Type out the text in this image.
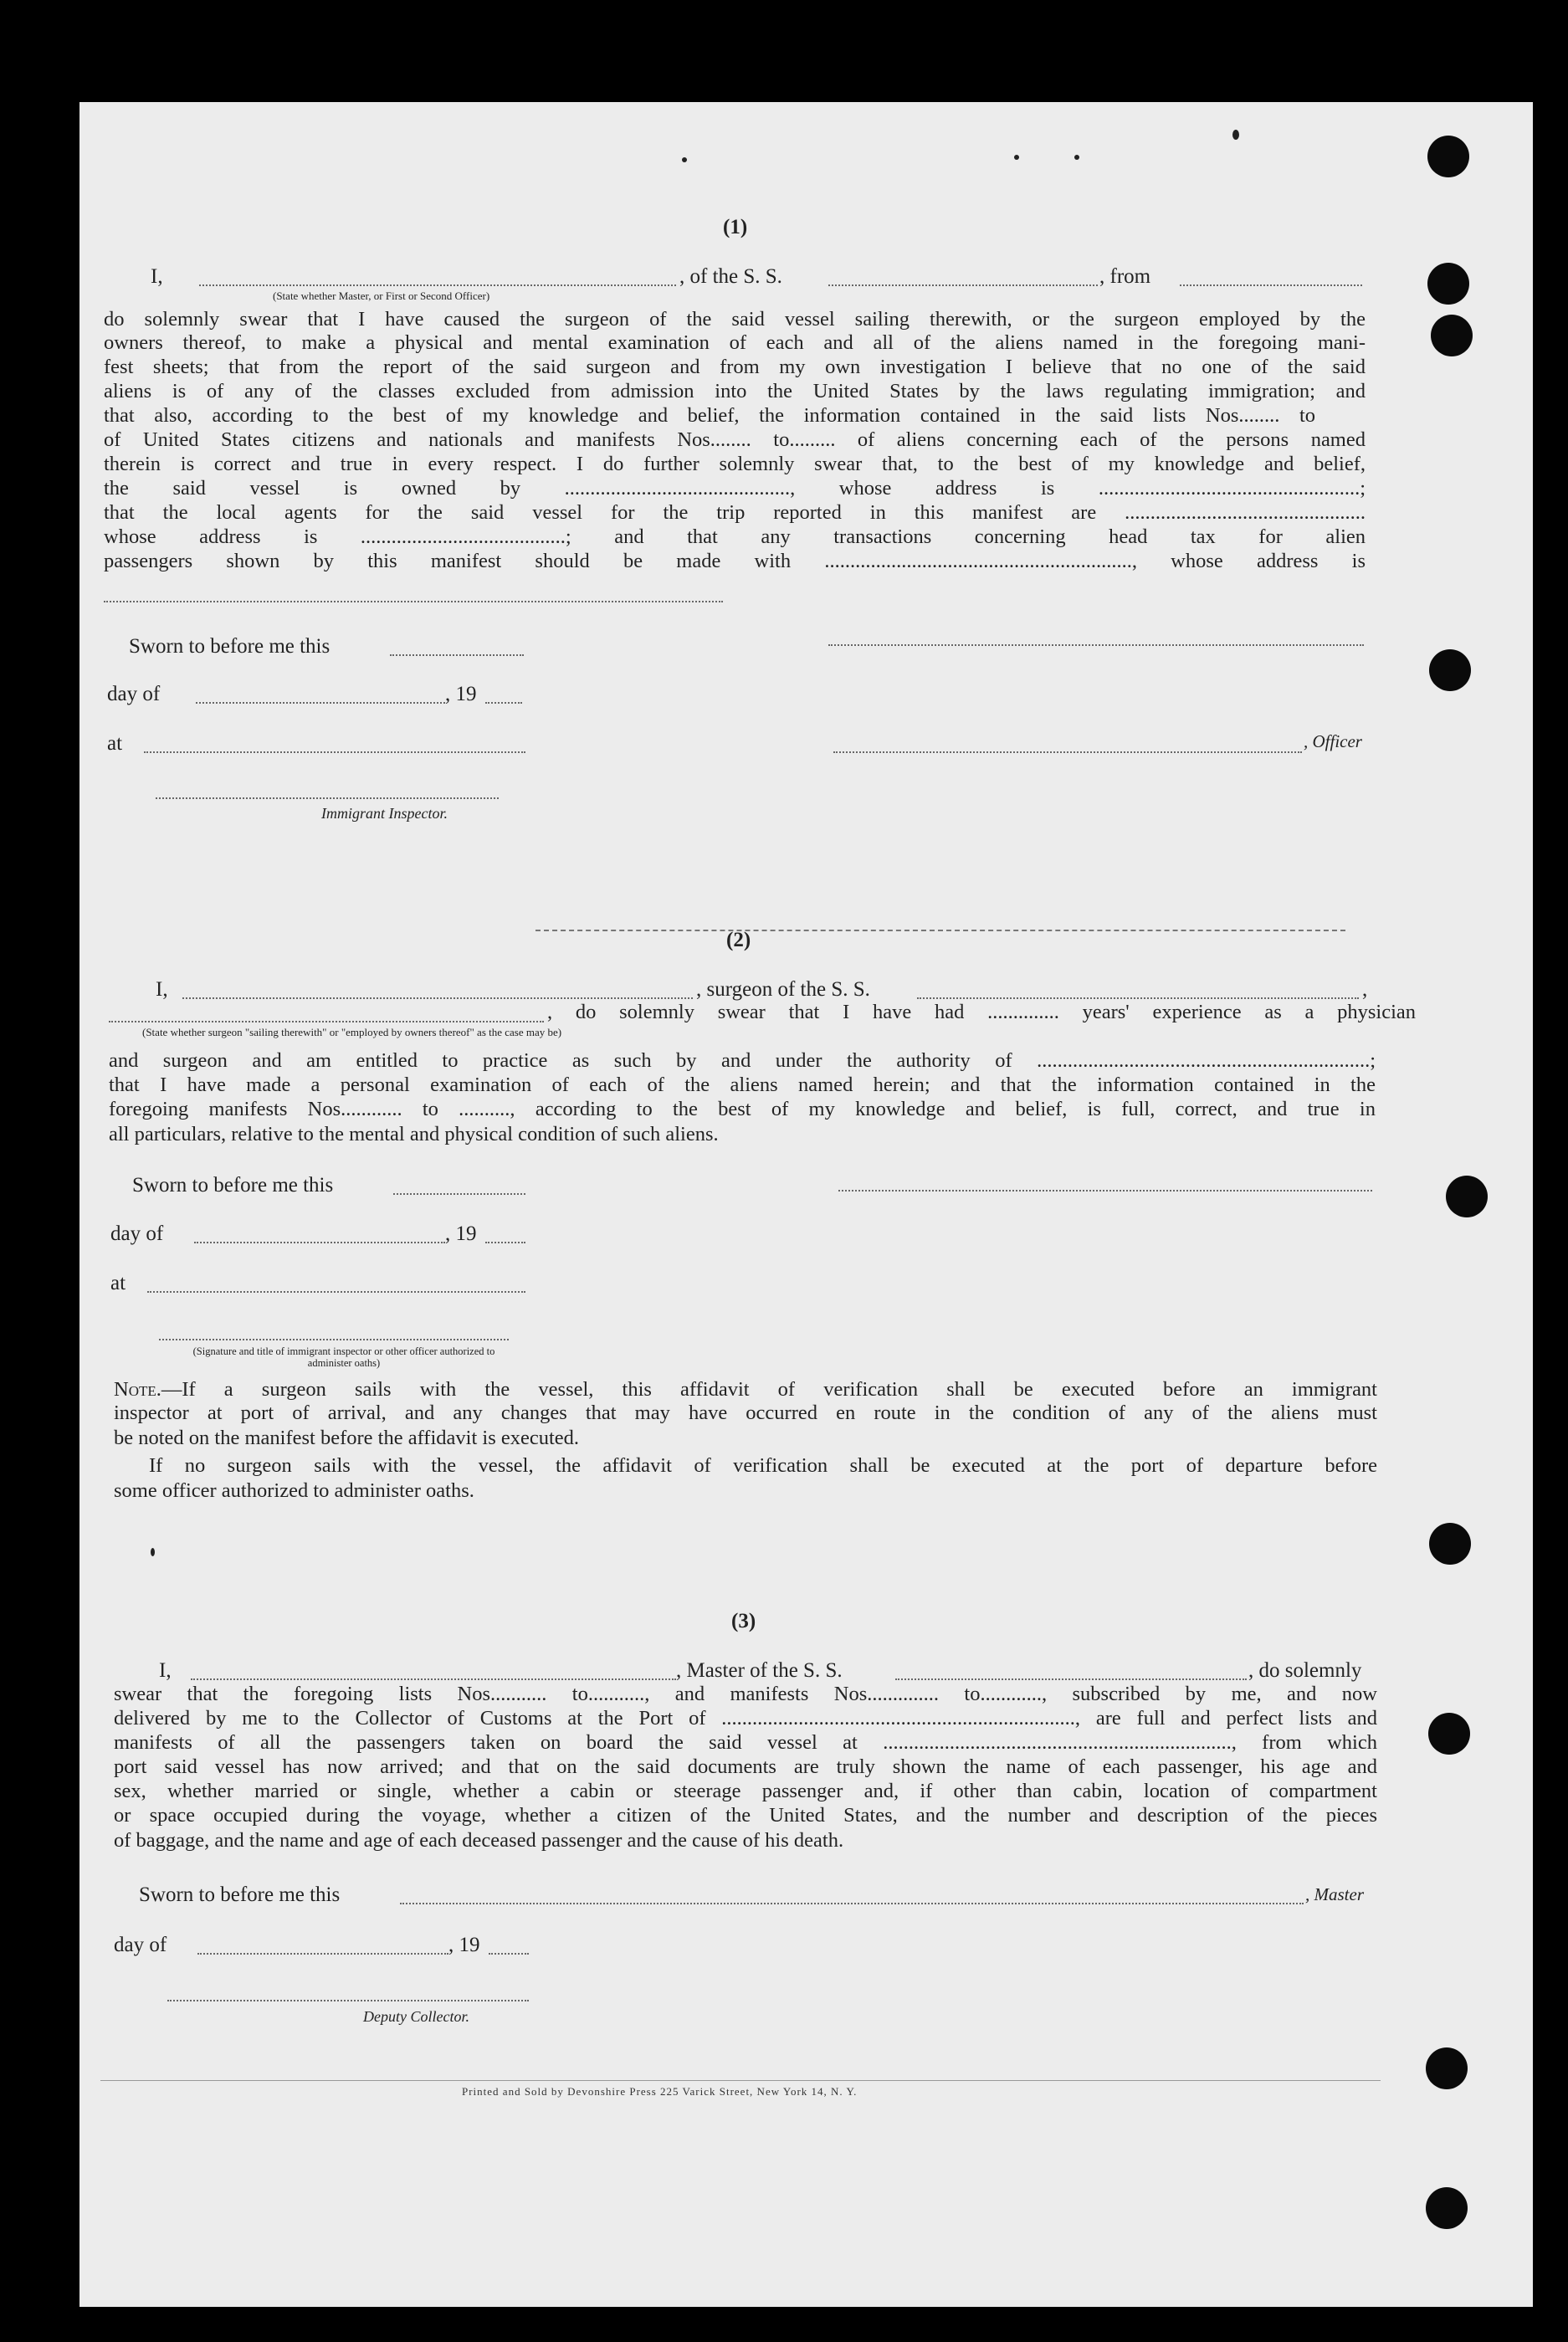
(1)
I,	, of the S. S.	, from
(State whether Master, or First or Second Officer)
do solemnly swear that I have caused the surgeon of the said vessel sailing therewith, or the surgeon employed by the
owners thereof, to make a physical and mental examination of each and all of the aliens named in the foregoing mani-
fest sheets; that from the report of the said surgeon and from my own investigation I believe that no one of the said
aliens is of any of the classes excluded from admission into the United States by the laws regulating immigration; and
that also, according to the best of my knowledge and belief, the information contained in the said lists Nos........ to
of United States citizens and nationals and manifests Nos........ to......... of aliens concerning each of the persons named
therein is correct and true in every respect. I do further solemnly swear that, to the best of my knowledge and belief,
the said vessel is owned by ............................................, whose address is ...................................................;
that the local agents for the said vessel for the trip reported in this manifest are ...............................................
whose address is ........................................; and that any transactions concerning head tax for alien
passengers shown by this manifest should be made with ............................................................, whose address is
Sworn to before me this
day of	, 19
at	, Officer
Immigrant Inspector.
(2)
I,	, surgeon of the S. S.	,
, do solemnly swear that I have had .............. years' experience as a physician
(State whether surgeon "sailing therewith" or "employed by owners thereof" as the case may be)
and surgeon and am entitled to practice as such by and under the authority of .................................................................;
that I have made a personal examination of each of the aliens named herein; and that the information contained in the
foregoing manifests Nos............ to .........., according to the best of my knowledge and belief, is full, correct, and true in
all particulars, relative to the mental and physical condition of such aliens.
Sworn to before me this
day of	, 19
at
(Signature and title of immigrant inspector or other officer authorized to administer oaths)
Note.—If a surgeon sails with the vessel, this affidavit of verification shall be executed before an immigrant
inspector at port of arrival, and any changes that may have occurred en route in the condition of any of the aliens must
be noted on the manifest before the affidavit is executed.
If no surgeon sails with the vessel, the affidavit of verification shall be executed at the port of departure before
some officer authorized to administer oaths.
(3)
I,	, Master of the S. S.	, do solemnly
swear that the foregoing lists Nos........... to..........., and manifests Nos.............. to............, subscribed by me, and now
delivered by me to the Collector of Customs at the Port of ....................................................................., are full and perfect lists and
manifests of all the passengers taken on board the said vessel at ...................................................................., from which
port said vessel has now arrived; and that on the said documents are truly shown the name of each passenger, his age and
sex, whether married or single, whether a cabin or steerage passenger and, if other than cabin, location of compartment
or space occupied during the voyage, whether a citizen of the United States, and the number and description of the pieces
of baggage, and the name and age of each deceased passenger and the cause of his death.
Sworn to before me this	, Master
day of	, 19
Deputy Collector.
Printed and Sold by Devonshire Press 225 Varick Street, New York 14, N. Y.
